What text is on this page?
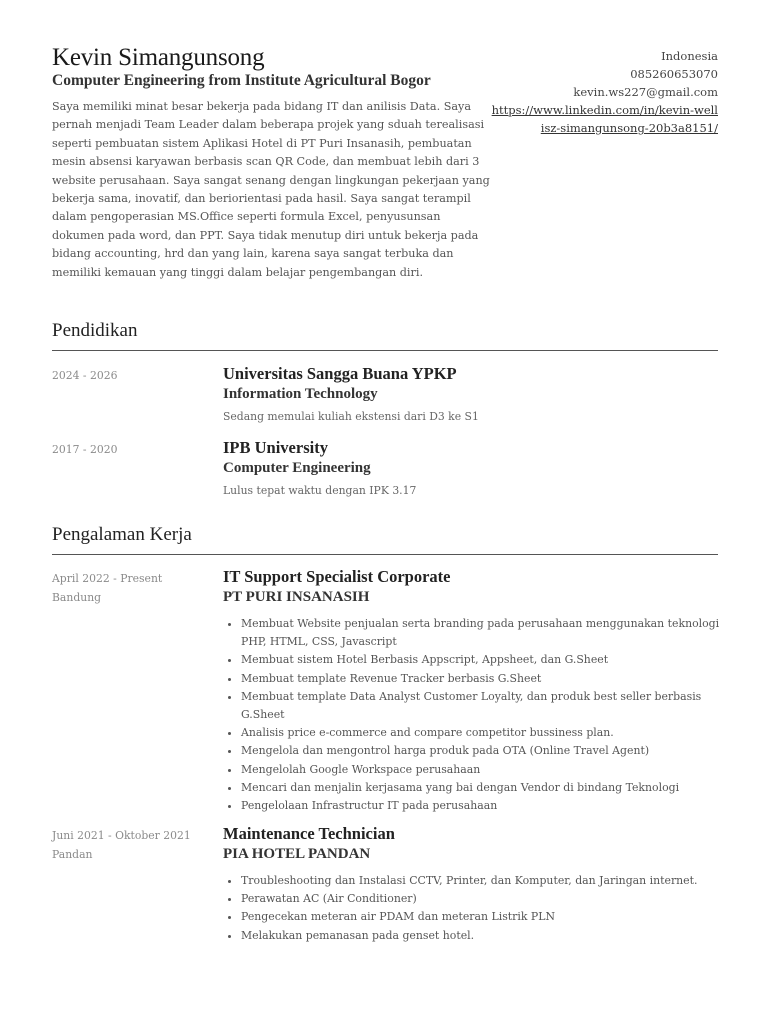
Kevin Simangunsong
Computer Engineering from Institute Agricultural Bogor

Saya memiliki minat besar bekerja pada bidang IT dan anilisis Data. Saya pernah menjadi Team Leader dalam beberapa projek yang sduah terealisasi seperti pembuatan sistem Aplikasi Hotel di PT Puri Insanasih, pembuatan mesin absensi karyawan berbasis scan QR Code, dan membuat lebih dari 3 website perusahaan. Saya sangat senang dengan lingkungan pekerjaan yang bekerja sama, inovatif, dan beriorientasi pada hasil. Saya sangat terampil dalam pengoperasian MS.Office seperti formula Excel, penyusunsan dokumen pada word, dan PPT. Saya tidak menutup diri untuk bekerja pada bidang accounting, hrd dan yang lain, karena saya sangat terbuka dan memiliki kemauan yang tinggi dalam belajar pengembangan diri.

Indonesia
085260653070
kevin.ws227@gmail.com
https://www.linkedin.com/in/kevin-wellisz-simangunsong-20b3a8151/
Pendidikan
2024 - 2026	Universitas Sangga Buana YPKP

Information Technology

Sedang memulai kuliah ekstensi dari D3 ke S1

2017 - 2020	IPB University

Computer Engineering

Lulus tepat waktu dengan IPK 3.17

Pengalaman Kerja
April 2022 - Present
Bandung

IT Support Specialist Corporate

PT PURI INSANASIH

• Membuat Website penjualan serta branding pada perusahaan menggunakan teknologi PHP, HTML, CSS, Javascript
• Membuat sistem Hotel Berbasis Appscript, Appsheet, dan G.Sheet
• Membuat template Revenue Tracker berbasis G.Sheet
• Membuat template Data Analyst Customer Loyalty, dan produk best seller berbasis G.Sheet
• Analisis price e-commerce and compare competitor bussiness plan.
• Mengelola dan mengontrol harga produk pada OTA (Online Travel Agent)
• Mengelolah Google Workspace perusahaan
• Mencari dan menjalin kerjasama yang bai dengan Vendor di bindang Teknologi
• Pengelolaan Infrastructur IT pada perusahaan
Juni 2021 - Oktober 2021
Pandan

Maintenance Technician

PIA HOTEL PANDAN

• Troubleshooting dan Instalasi CCTV, Printer, dan Komputer, dan Jaringan internet.
• Perawatan AC (Air Conditioner)
• Pengecekan meteran air PDAM dan meteran Listrik PLN
• Melakukan pemanasan pada genset hotel.
